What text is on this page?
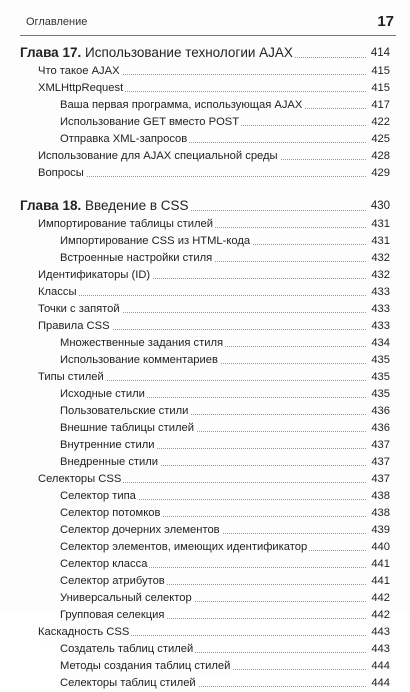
Оглавление	17
Глава 17. Использование технологии AJAX	414
Что такое AJAX	415
XMLHttpRequest	415
Ваша первая программа, использующая AJAX	417
Использование GET вместо POST	422
Отправка XML-запросов	425
Использование для AJAX специальной среды	428
Вопросы	429
Глава 18. Введение в CSS	430
Импортирование таблицы стилей	431
Импортирование CSS из HTML-кода	431
Встроенные настройки стиля	432
Идентификаторы (ID)	432
Классы	433
Точки с запятой	433
Правила CSS	433
Множественные задания стиля	434
Использование комментариев	435
Типы стилей	435
Исходные стили	435
Пользовательские стили	436
Внешние таблицы стилей	436
Внутренние стили	437
Внедренные стили	437
Селекторы CSS	437
Селектор типа	438
Селектор потомков	438
Селектор дочерних элементов	439
Селектор элементов, имеющих идентификатор	440
Селектор класса	441
Селектор атрибутов	441
Универсальный селектор	442
Групповая селекция	442
Каскадность CSS	443
Создатель таблиц стилей	443
Методы создания таблиц стилей	444
Селекторы таблиц стилей	444
